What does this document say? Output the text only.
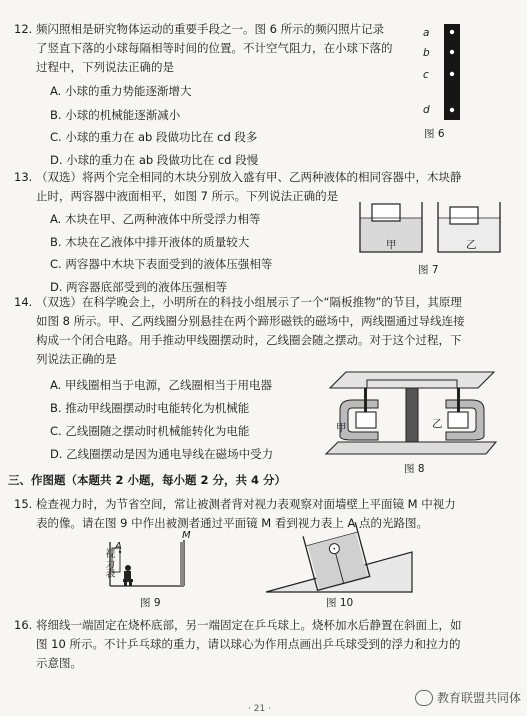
12. 频闪照相是研究物体运动的重要手段之一。图 6 所示的频闪照片记录
了竖直下落的小球每隔相等时间的位置。不计空气阻力，在小球下落的
过程中，下列说法正确的是
A. 小球的重力势能逐渐增大
B. 小球的机械能逐渐减小
C. 小球的重力在 ab 段做功比在 cd 段多
D. 小球的重力在 ab 段做功比在 cd 段慢
a
b
c
d
图 6
13. （双选）将两个完全相同的木块分别放入盛有甲、乙两种液体的相同容器中，木块静
止时，两容器中液面相平，如图 7 所示。下列说法正确的是
A. 木块在甲、乙两种液体中所受浮力相等
B. 木块在乙液体中排开液体的质量较大
C. 两容器中木块下表面受到的液体压强相等
D. 两容器底部受到的液体压强相等
甲	乙
图 7
14. （双选）在科学晚会上，小明所在的科技小组展示了一个“隔板推物”的节目，其原理
如图 8 所示。甲、乙两线圈分别悬挂在两个蹄形磁铁的磁场中，两线圈通过导线连接
构成一个闭合电路。用手推动甲线圈摆动时，乙线圈会随之摆动。对于这个过程，下
列说法正确的是
A. 甲线圈相当于电源，乙线圈相当于用电器
B. 推动甲线圈摆动时电能转化为机械能
C. 乙线圈随之摆动时机械能转化为电能
D. 乙线圈摆动是因为通电导线在磁场中受力
甲	乙
图 8
三、作图题（本题共 2 小题，每小题 2 分，共 4 分）
15. 检查视力时，为节省空间，常让被测者背对视力表观察对面墙壁上平面镜 M 中视力
表的像。请在图 9 中作出被测者通过平面镜 M 看到视力表上 A 点的光路图。
视力表
A
M
图 9	图 10
16. 将细线一端固定在烧杯底部，另一端固定在乒乓球上。烧杯加水后静置在斜面上，如
图 10 所示。不计乒乓球的重力，请以球心为作用点画出乒乓球受到的浮力和拉力的
示意图。
教育联盟共同体
· 21 ·
